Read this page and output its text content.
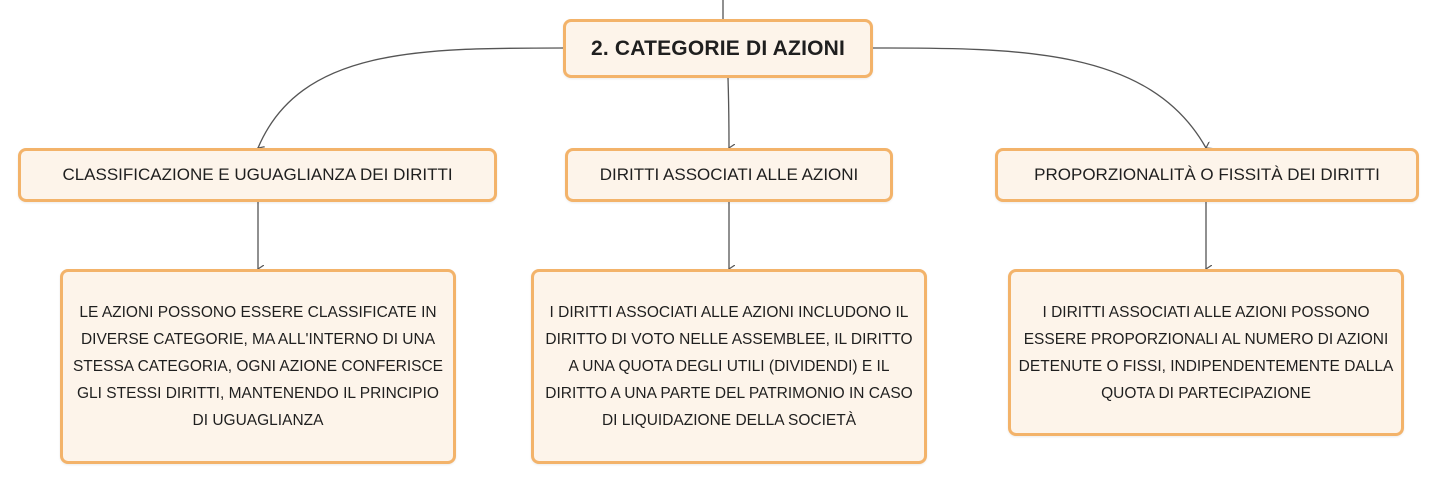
2. CATEGORIE DI AZIONI
CLASSIFICAZIONE E UGUAGLIANZA DEI DIRITTI	DIRITTI ASSOCIATI ALLE AZIONI	PROPORZIONALITÀ O FISSITÀ DEI DIRITTI
LE AZIONI POSSONO ESSERE CLASSIFICATE IN DIVERSE CATEGORIE, MA ALL'INTERNO DI UNA STESSA CATEGORIA, OGNI AZIONE CONFERISCE GLI STESSI DIRITTI, MANTENENDO IL PRINCIPIO DI UGUAGLIANZA
I DIRITTI ASSOCIATI ALLE AZIONI INCLUDONO IL DIRITTO DI VOTO NELLE ASSEMBLEE, IL DIRITTO A UNA QUOTA DEGLI UTILI (DIVIDENDI) E IL DIRITTO A UNA PARTE DEL PATRIMONIO IN CASO DI LIQUIDAZIONE DELLA SOCIETÀ
I DIRITTI ASSOCIATI ALLE AZIONI POSSONO ESSERE PROPORZIONALI AL NUMERO DI AZIONI DETENUTE O FISSI, INDIPENDENTEMENTE DALLA QUOTA DI PARTECIPAZIONE
